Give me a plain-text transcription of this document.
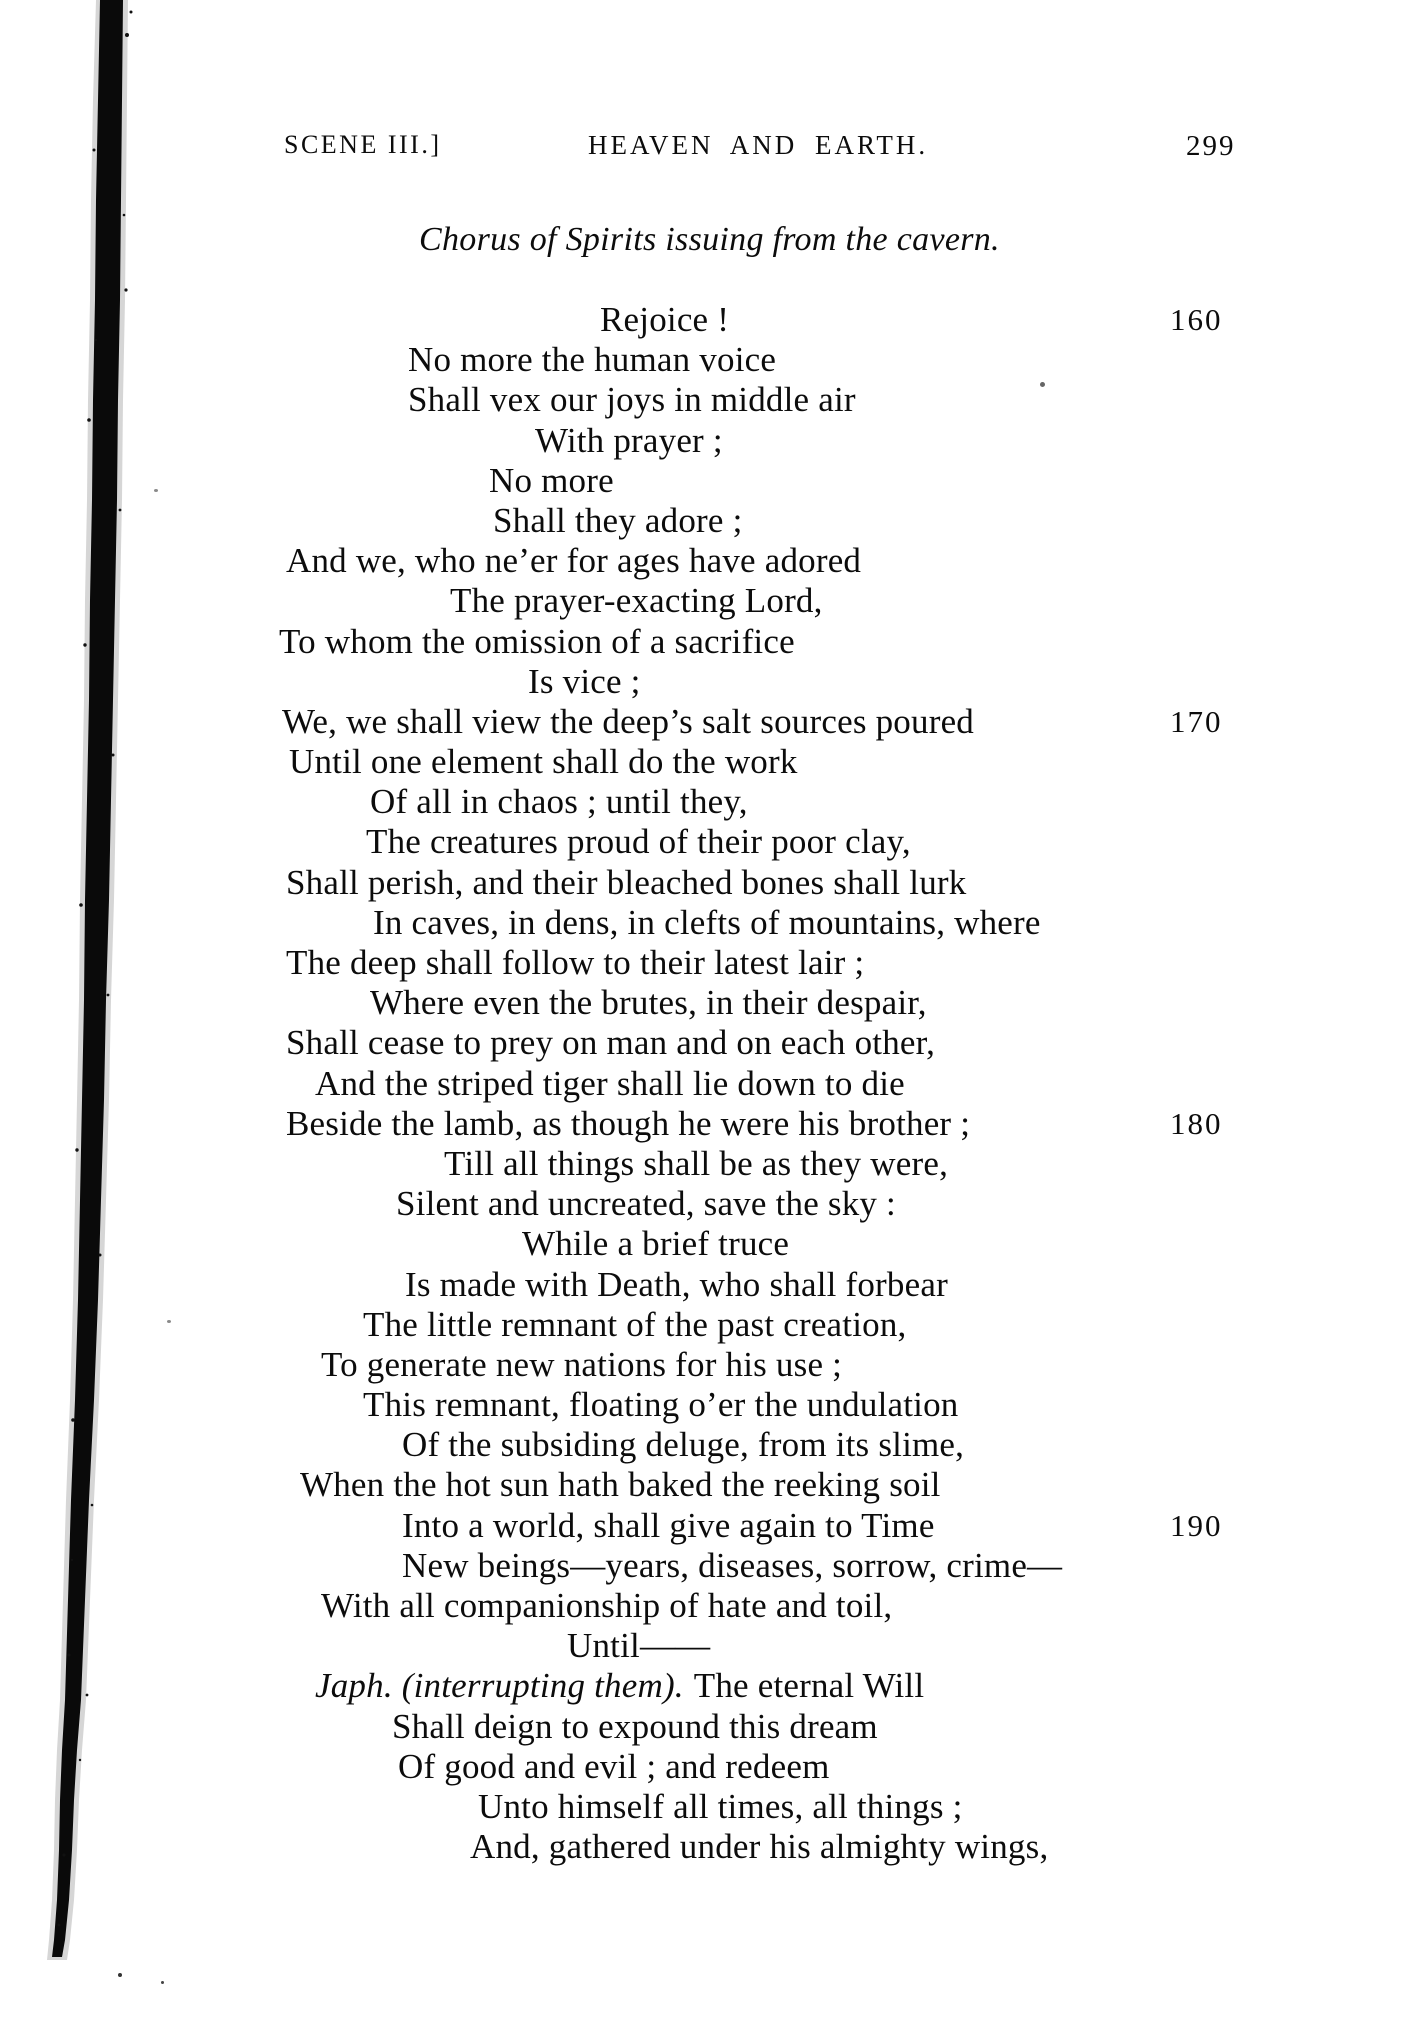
SCENE III.]	HEAVEN AND EARTH.	299
Chorus of Spirits issuing from the cavern.
Rejoice !	160
No more the human voice
Shall vex our joys in middle air
With prayer ;
No more
Shall they adore ;
And we, who ne’er for ages have adored
The prayer-exacting Lord,
To whom the omission of a sacrifice
Is vice ;
We, we shall view the deep’s salt sources poured	170
Until one element shall do the work
Of all in chaos ; until they,
The creatures proud of their poor clay,
Shall perish, and their bleached bones shall lurk
In caves, in dens, in clefts of mountains, where
The deep shall follow to their latest lair ;
Where even the brutes, in their despair,
Shall cease to prey on man and on each other,
And the striped tiger shall lie down to die
Beside the lamb, as though he were his brother ;	180
Till all things shall be as they were,
Silent and uncreated, save the sky :
While a brief truce
Is made with Death, who shall forbear
The little remnant of the past creation,
To generate new nations for his use ;
This remnant, floating o’er the undulation
Of the subsiding deluge, from its slime,
When the hot sun hath baked the reeking soil
Into a world, shall give again to Time	190
New beings—years, diseases, sorrow, crime—
With all companionship of hate and toil,
Until——
Japh. (interrupting them). The eternal Will
Shall deign to expound this dream
Of good and evil ; and redeem
Unto himself all times, all things ;
And, gathered under his almighty wings,
